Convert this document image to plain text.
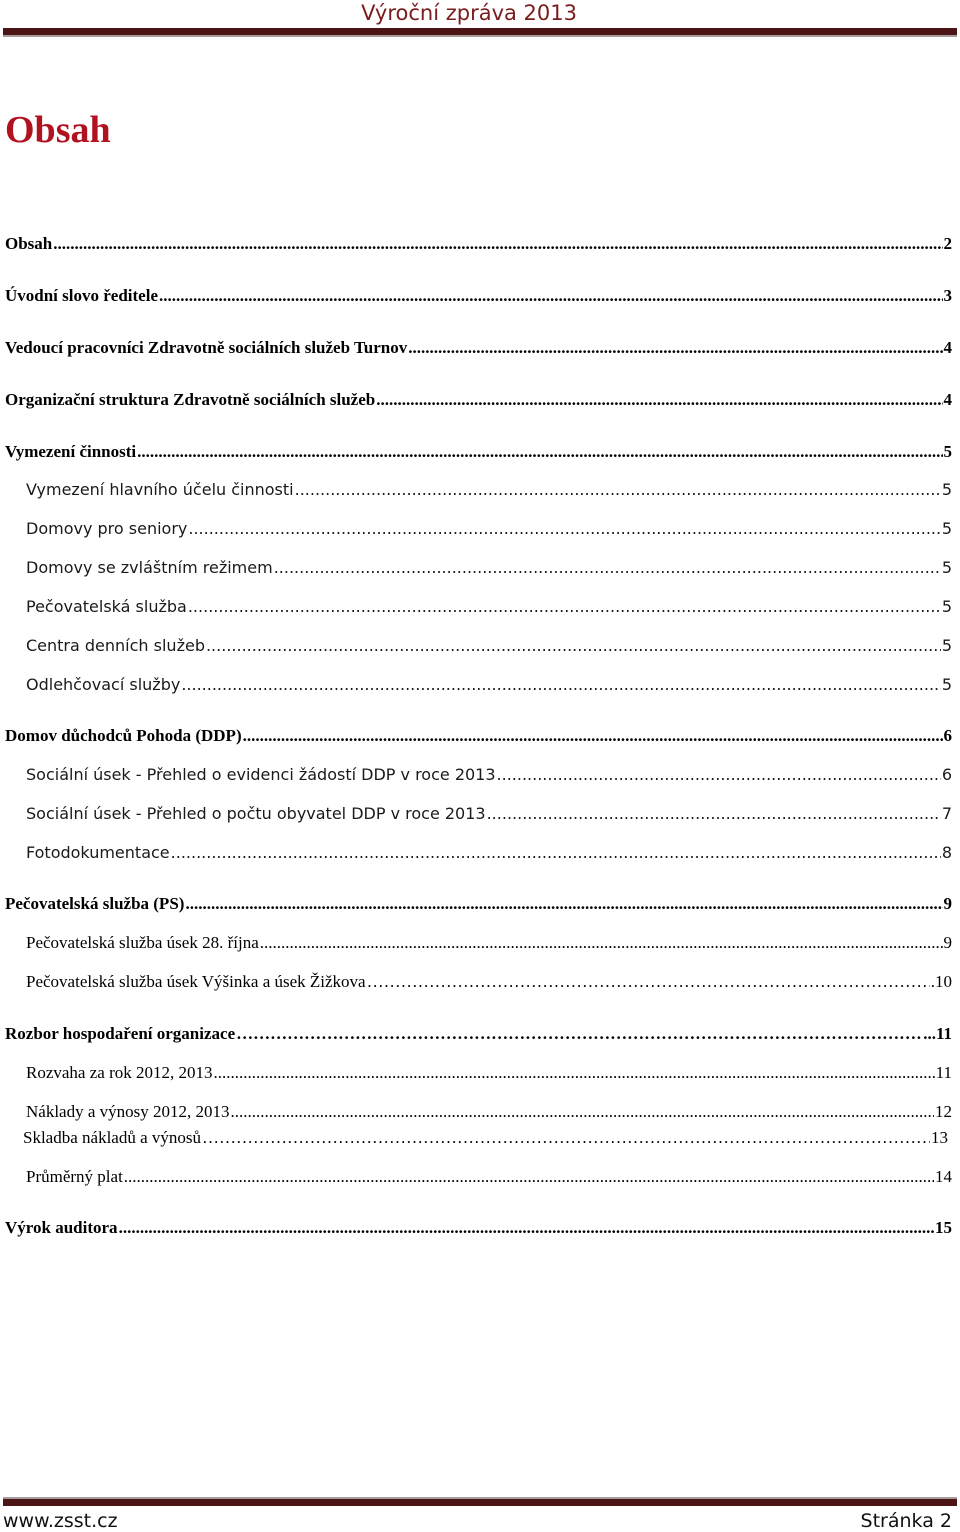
Výroční zpráva 2013
Obsah
Obsah .....	2
Úvodní slovo ředitele .....	3
Vedoucí pracovníci Zdravotně sociálních služeb Turnov .....	4
Organizační struktura Zdravotně sociálních služeb .....	4
Vymezení činnosti .....	5
Vymezení hlavního účelu činnosti .....	5
Domovy pro seniory .....	5
Domovy se zvláštním režimem .....	5
Pečovatelská služba .....	5
Centra denních služeb .....	5
Odlehčovací služby .....	5
Domov důchodců Pohoda (DDP) .....	6
Sociální úsek - Přehled o evidenci žádostí DDP v roce 2013 .....	6
Sociální úsek - Přehled o počtu obyvatel DDP v roce 2013 .....	7
Fotodokumentace .....	8
Pečovatelská služba (PS) .....	9
Pečovatelská služba úsek 28. října .....	9
Pečovatelská služba úsek Výšinka a úsek Žižkova …………………………………………………………………………………………………………………………………………………………………………………………	.10
Rozbor hospodaření organizace …………………………………………………………………………………………………………………………………………………………………………………………	...11
Rozvaha za rok 2012, 2013 .....	11
Náklady a výnosy 2012, 2013 .....	12
Skladba nákladů a výnosů …………………………………………………………………………………………………………………………………………………………………………………………	13
Průměrný plat .....	14
Výrok auditora .....	15
www.zsst.cz	Stránka 2
